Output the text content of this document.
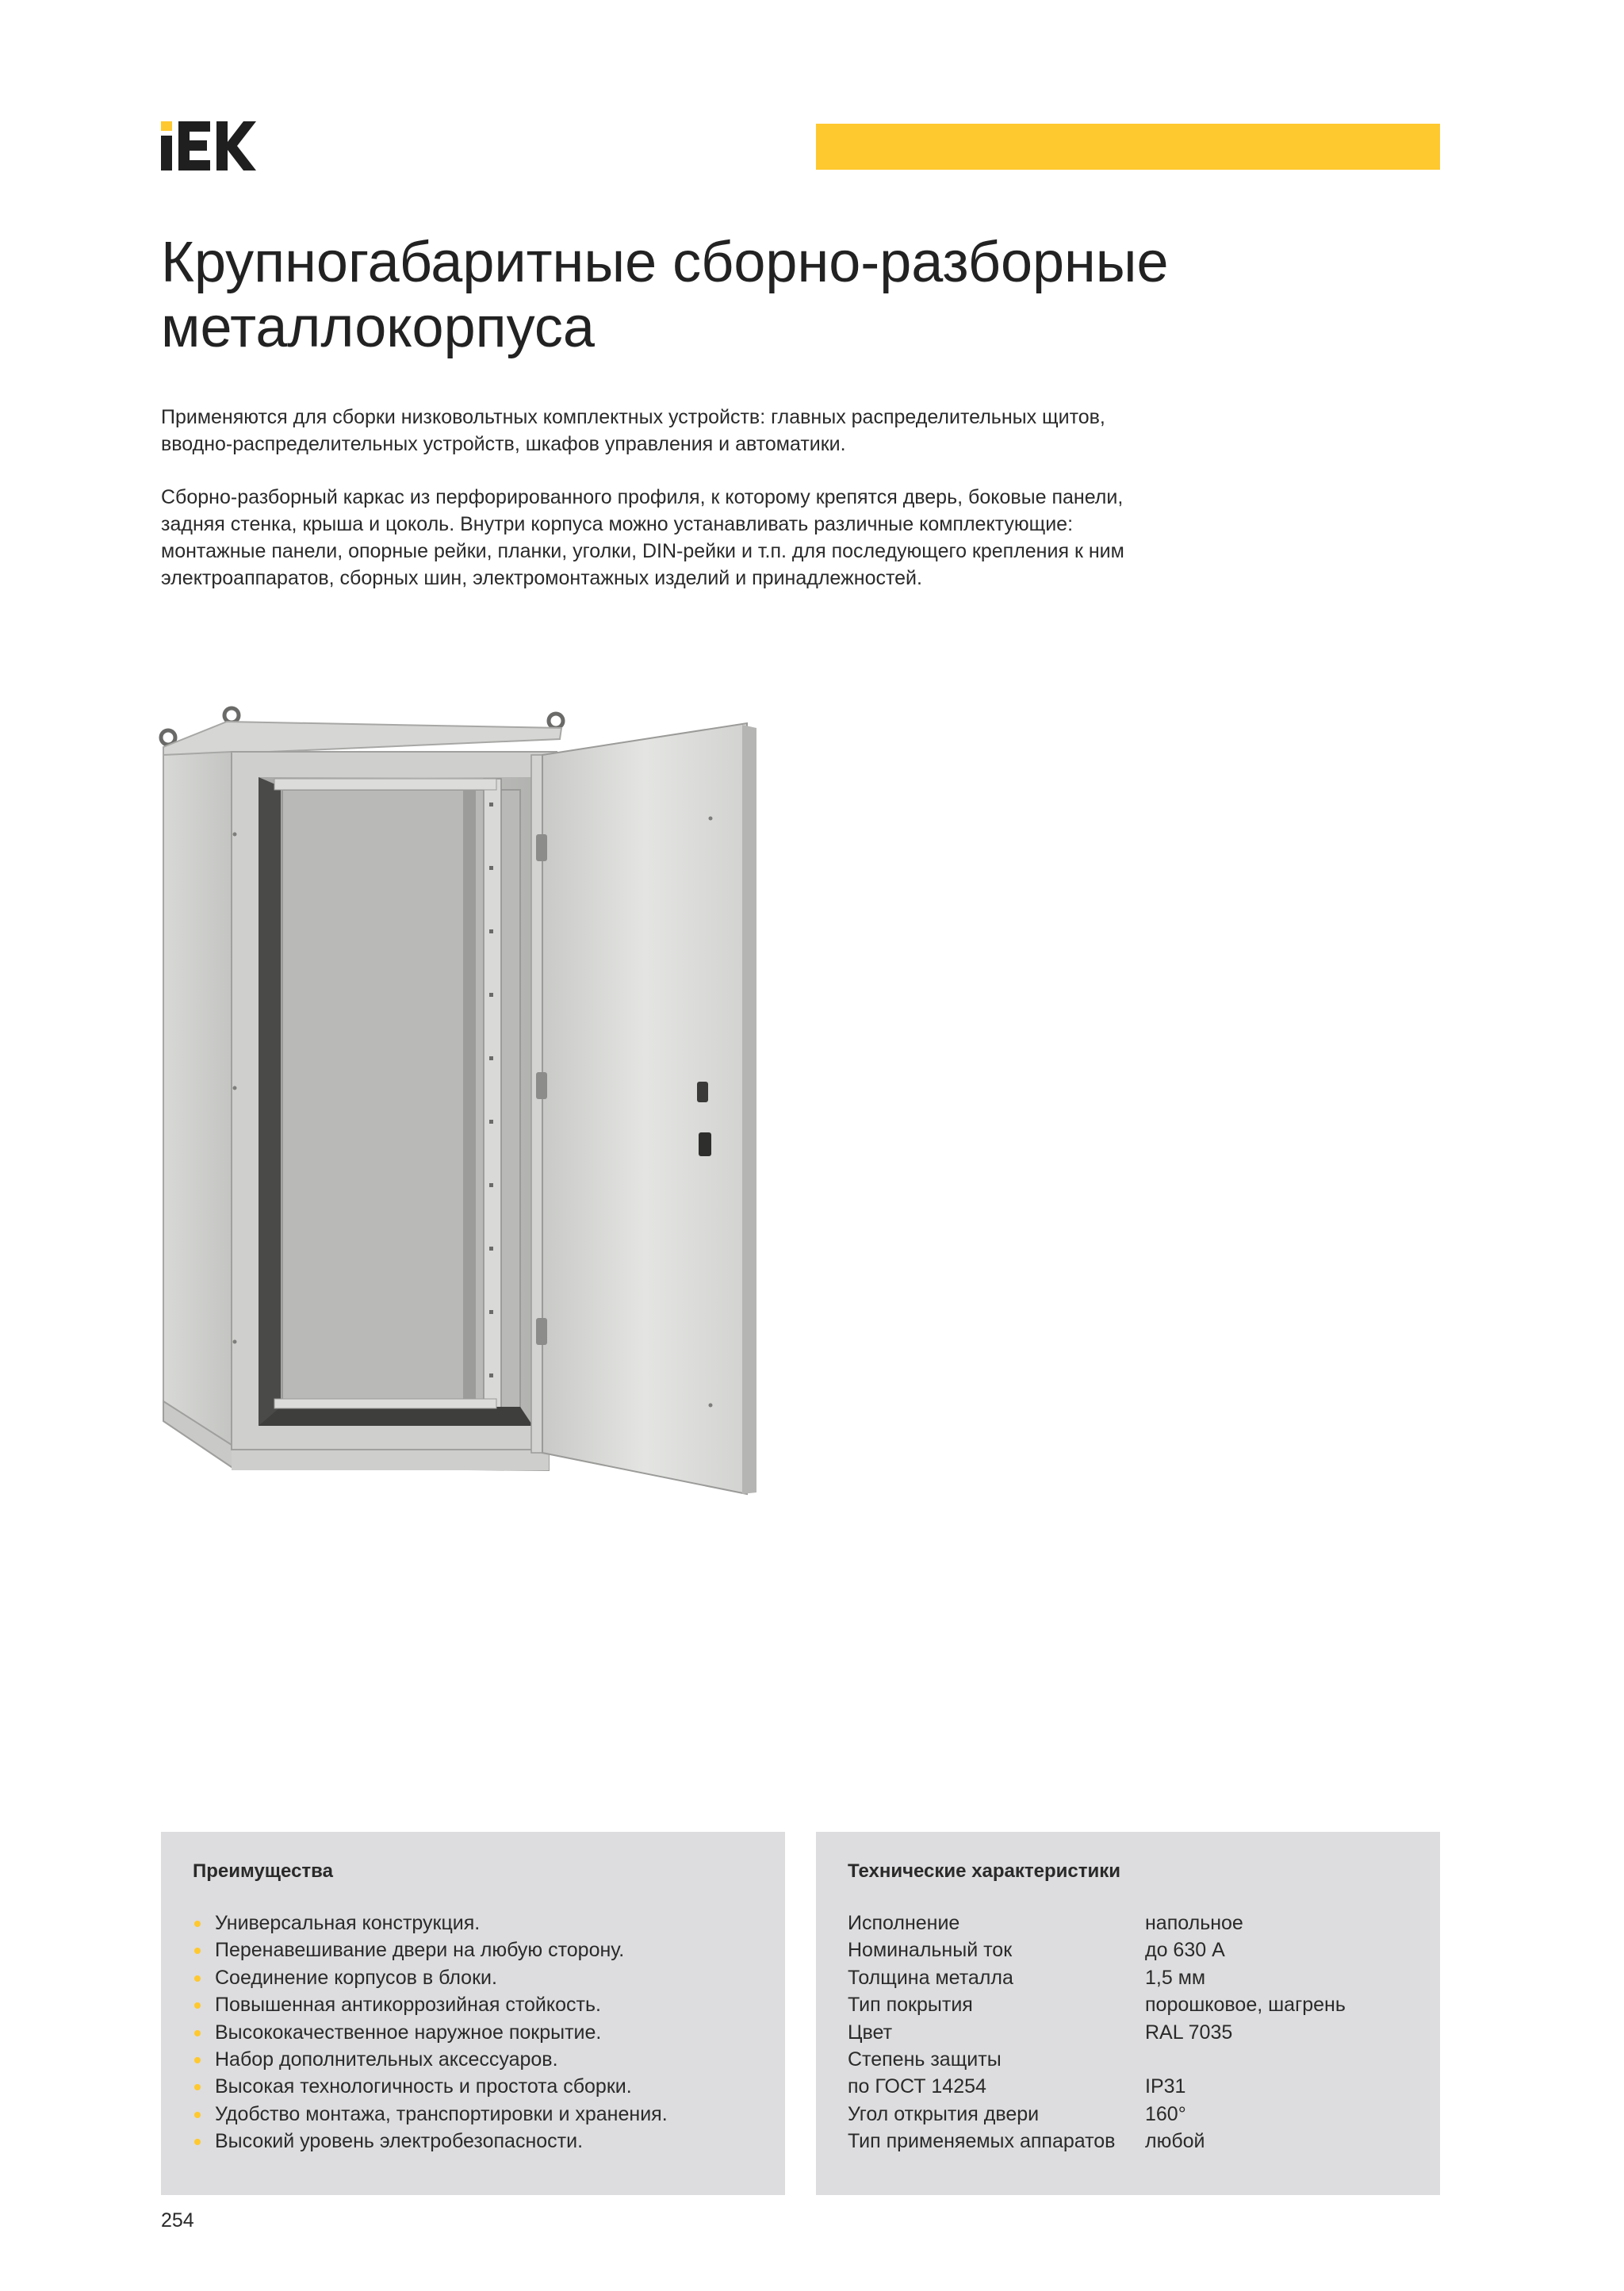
Крупногабаритные сборно-разборные
металлокорпуса

Применяются для сборки низковольтных комплектных устройств: главных распределительных щитов,
вводно-распределительных устройств, шкафов управления и автоматики.

Сборно-разборный каркас из перфорированного профиля, к которому крепятся дверь, боковые панели,
задняя стенка, крыша и цоколь. Внутри корпуса можно устанавливать различные комплектующие:
монтажные панели, опорные рейки, планки, уголки, DIN-рейки и т.п. для последующего крепления к ним
электроаппаратов, сборных шин, электромонтажных изделий и принадлежностей.

Преимущества
Универсальная конструкция.
Перенавешивание двери на любую сторону.
Соединение корпусов в блоки.
Повышенная антикоррозийная стойкость.
Высококачественное наружное покрытие.
Набор дополнительных аксессуаров.
Высокая технологичность и простота сборки.
Удобство монтажа, транспортировки и хранения.
Высокий уровень электробезопасности.
Технические характеристики
Исполнение	напольное
Номинальный ток	до 630 А
Толщина металла	1,5 мм
Тип покрытия	порошковое, шагрень
Цвет	RAL 7035
Степень защиты	
по ГОСТ 14254	IP31
Угол открытия двери	160°
Тип применяемых аппаратов	любой
254
